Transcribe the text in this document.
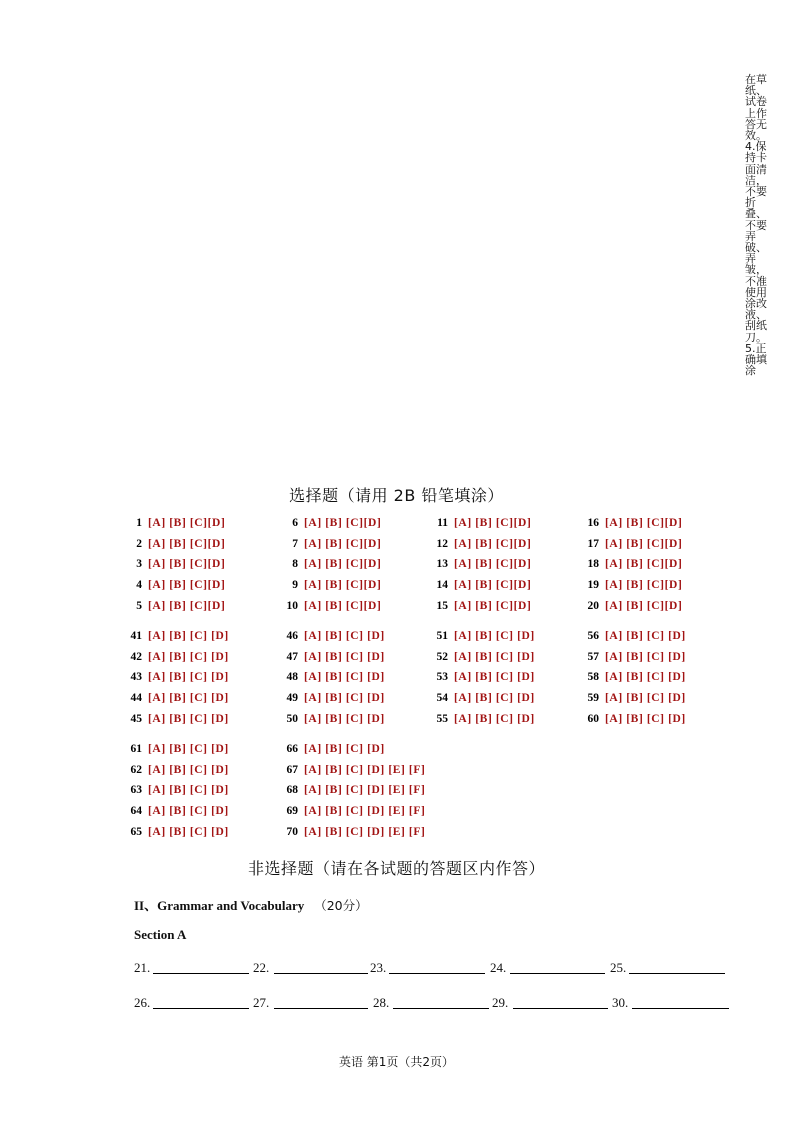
在草纸、试卷上作答无效。4.保持卡面清洁，不要折叠、不要弄破、弄皱，不准使用涂改液、刮纸刀。5.正确填涂
选择题（请用 2B 铅笔填涂）
1 [A] [B] [C][D]
2 [A] [B] [C][D]
3 [A] [B] [C][D]
4 [A] [B] [C][D]
5 [A] [B] [C][D]
6 [A] [B] [C][D]
7 [A] [B] [C][D]
8 [A] [B] [C][D]
9 [A] [B] [C][D]
10 [A] [B] [C][D]
11 [A] [B] [C][D]
12 [A] [B] [C][D]
13 [A] [B] [C][D]
14 [A] [B] [C][D]
15 [A] [B] [C][D]
16 [A] [B] [C][D]
17 [A] [B] [C][D]
18 [A] [B] [C][D]
19 [A] [B] [C][D]
20 [A] [B] [C][D]
41 [A] [B] [C] [D]
42 [A] [B] [C] [D]
43 [A] [B] [C] [D]
44 [A] [B] [C] [D]
45 [A] [B] [C] [D]
46 [A] [B] [C] [D]
47 [A] [B] [C] [D]
48 [A] [B] [C] [D]
49 [A] [B] [C] [D]
50 [A] [B] [C] [D]
51 [A] [B] [C] [D]
52 [A] [B] [C] [D]
53 [A] [B] [C] [D]
54 [A] [B] [C] [D]
55 [A] [B] [C] [D]
56 [A] [B] [C] [D]
57 [A] [B] [C] [D]
58 [A] [B] [C] [D]
59 [A] [B] [C] [D]
60 [A] [B] [C] [D]
61 [A] [B] [C] [D]
62 [A] [B] [C] [D]
63 [A] [B] [C] [D]
64 [A] [B] [C] [D]
65 [A] [B] [C] [D]
66 [A] [B] [C] [D]
67 [A] [B] [C] [D] [E] [F]
68 [A] [B] [C] [D] [E] [F]
69 [A] [B] [C] [D] [E] [F]
70 [A] [B] [C] [D] [E] [F]
非选择题（请在各试题的答题区内作答）
II、Grammar and Vocabulary （20分）
Section A
21.	22.	23.	24.	25.
26.	27.	28.	29.	30.
英语 第1页（共2页）
